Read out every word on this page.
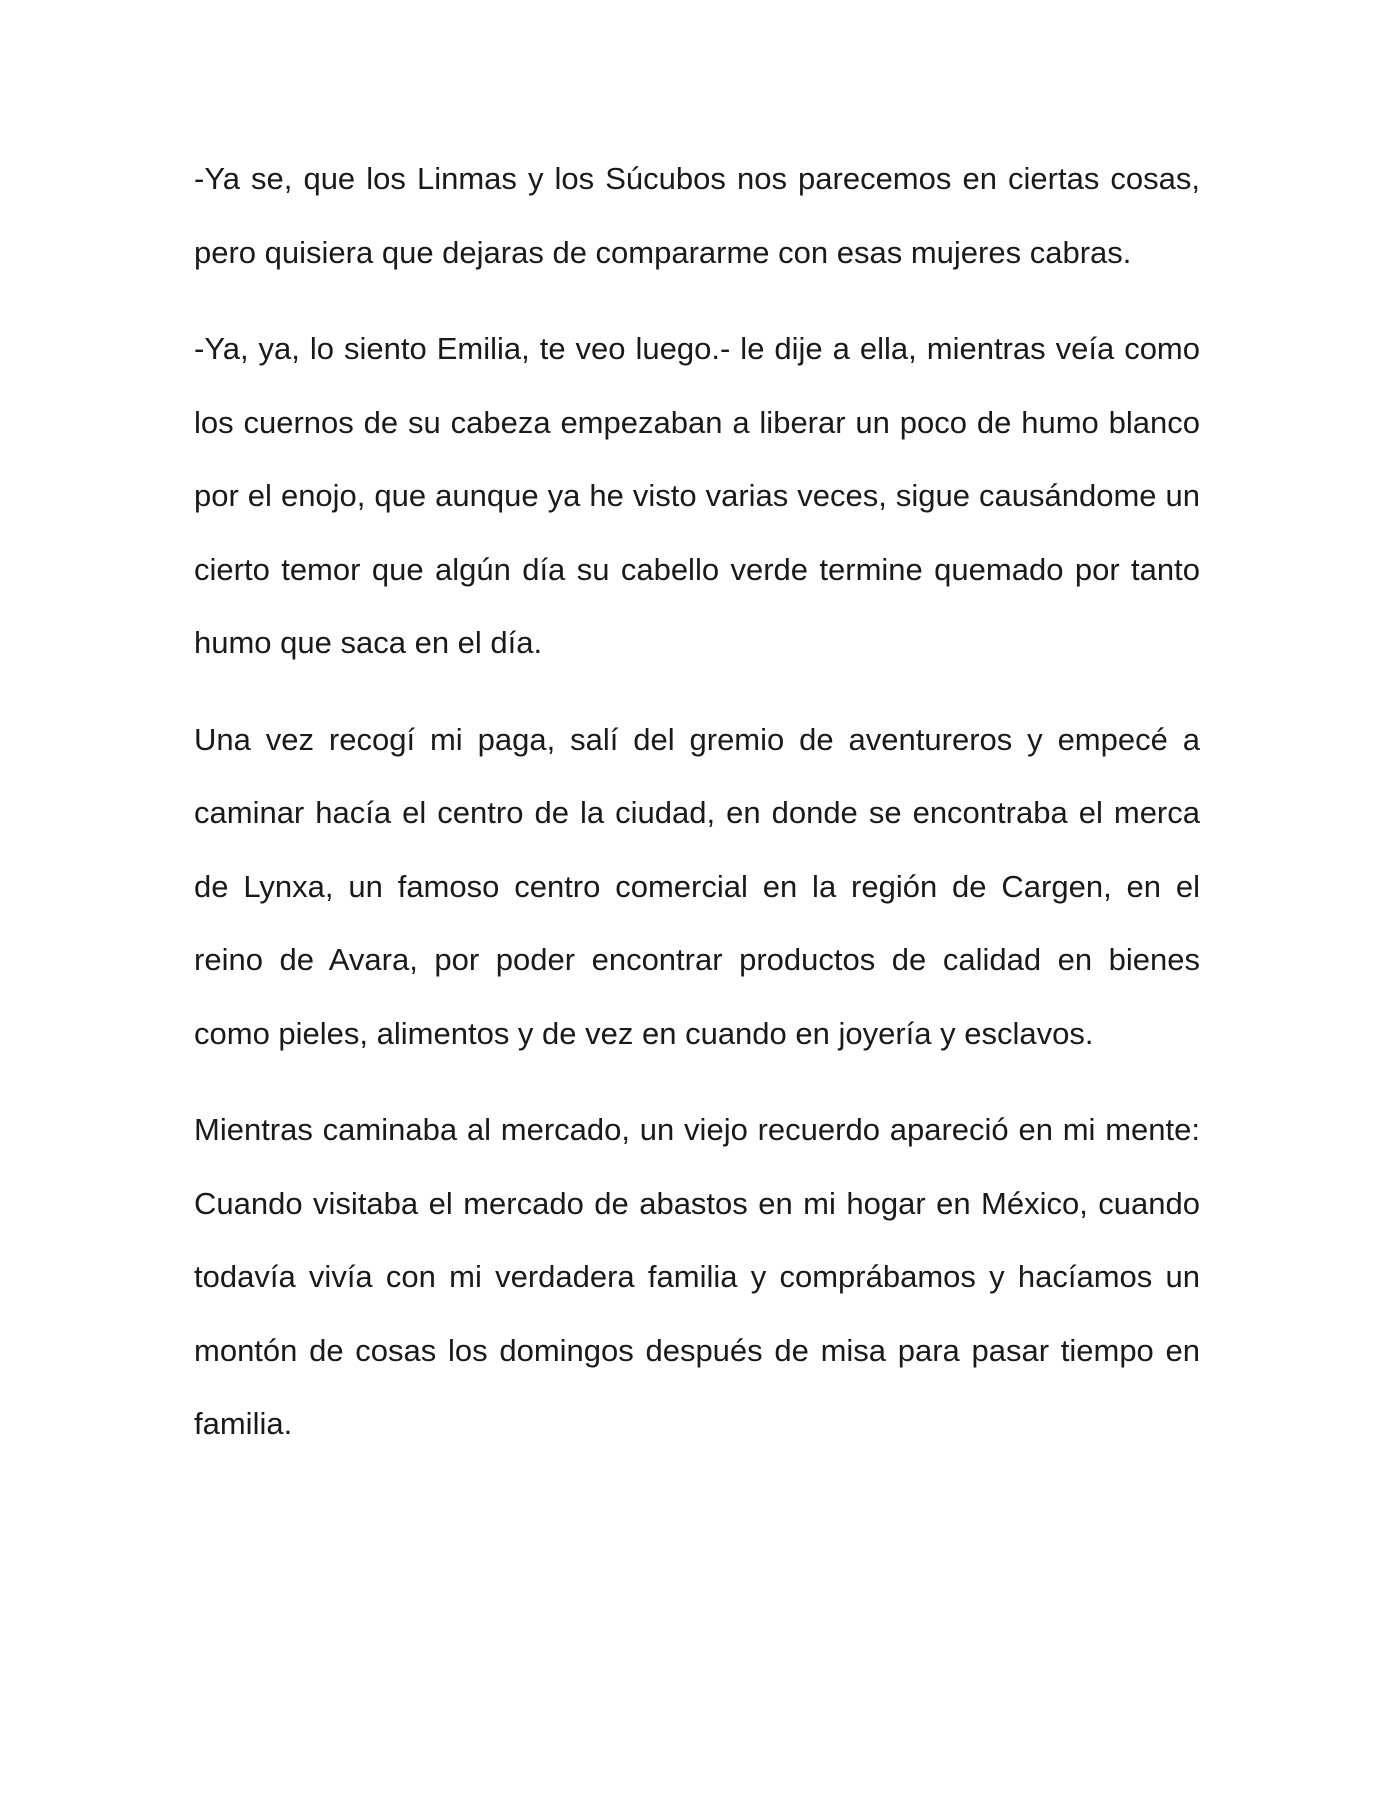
-Ya se, que los Linmas y los Súcubos nos parecemos en ciertas cosas, pero quisiera que dejaras de compararme con esas mujeres cabras.

-Ya, ya, lo siento Emilia, te veo luego.- le dije a ella, mientras veía como los cuernos de su cabeza empezaban a liberar un poco de humo blanco por el enojo, que aunque ya he visto varias veces, sigue causándome un cierto temor que algún día su cabello verde termine quemado por tanto humo que saca en el día.

Una vez recogí mi paga, salí del gremio de aventureros y empecé a caminar hacía el centro de la ciudad, en donde se encontraba el merca de Lynxa, un famoso centro comercial en la región de Cargen, en el reino de Avara, por poder encontrar productos de calidad en bienes como pieles, alimentos y de vez en cuando en joyería y esclavos.

Mientras caminaba al mercado, un viejo recuerdo apareció en mi mente: Cuando visitaba el mercado de abastos en mi hogar en México, cuando todavía vivía con mi verdadera familia y comprábamos y hacíamos un montón de cosas los domingos después de misa para pasar tiempo en familia.
